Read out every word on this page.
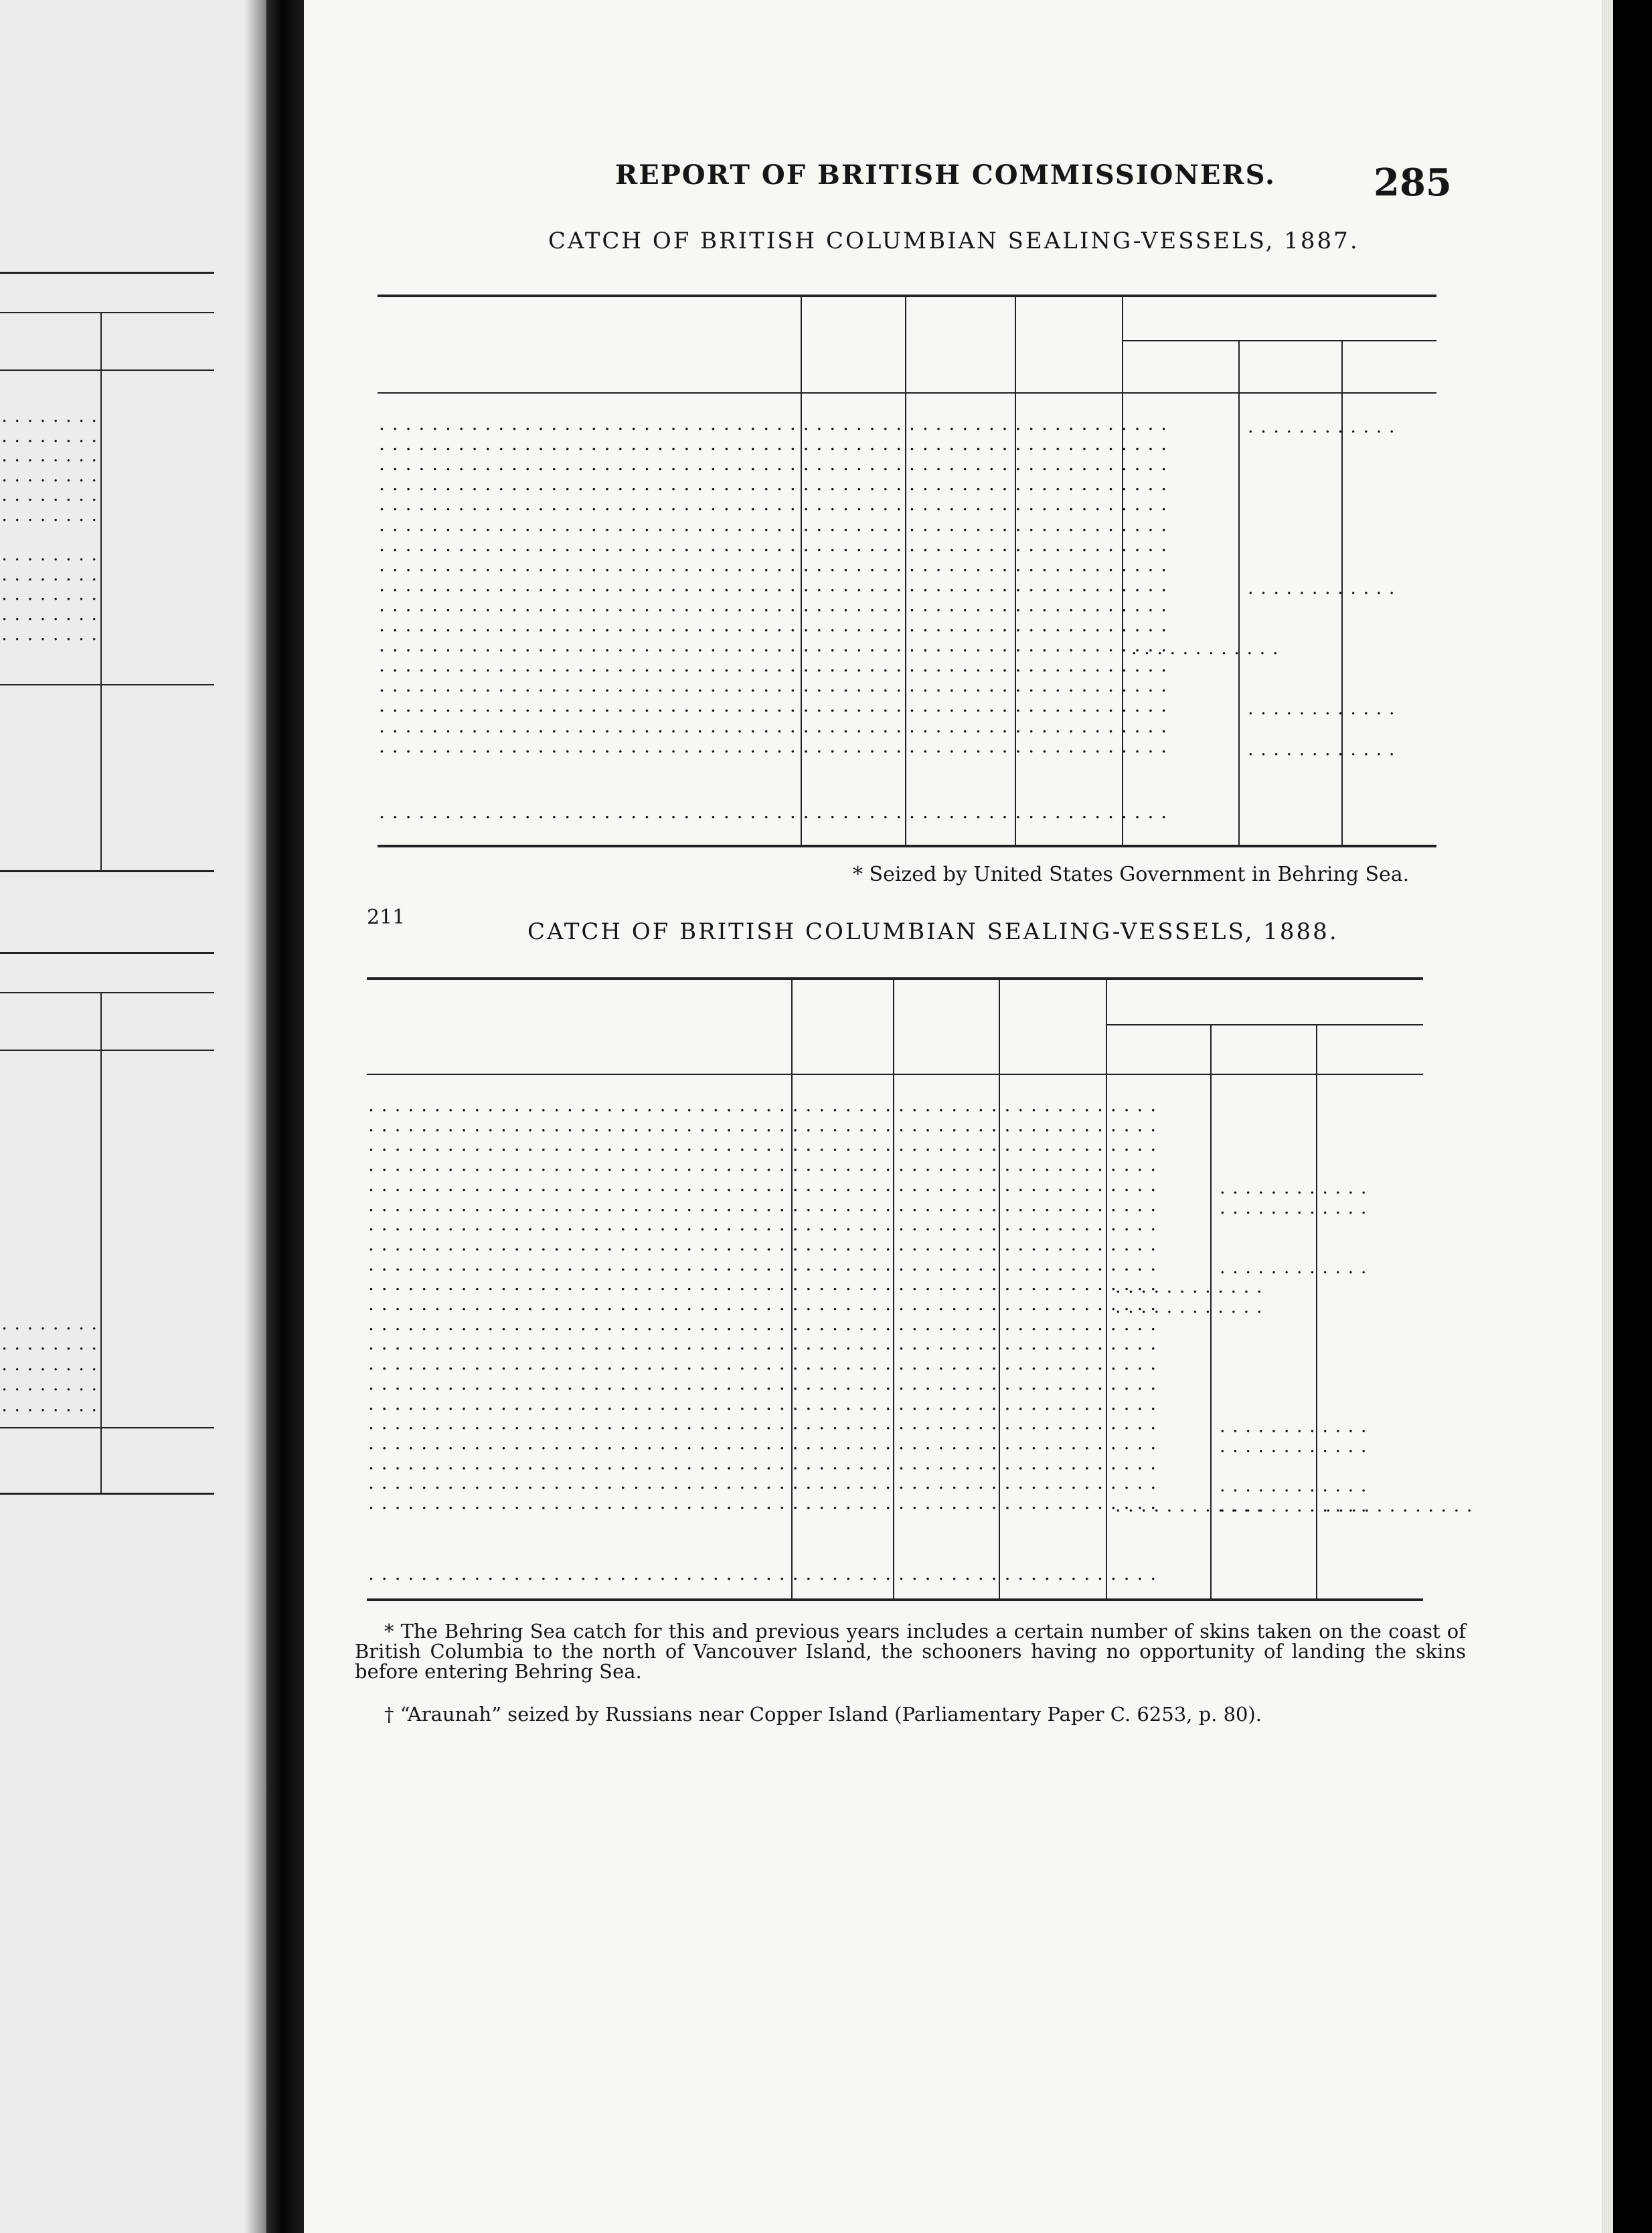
. . . . . . . .
. . . . . . . .
. . . . . . . .
. . . . . . . .
. . . . . . . .
. . . . . . . .
. . . . . . . .
. . . . . . . .
. . . . . . . .
. . . . . . . .
. . . . . . . .
. . . . . . . .
. . . . . . . .
. . . . . . . .
. . . . . . . .
. . . . . . . .
REPORT OF BRITISH COMMISSIONERS.	285
CATCH OF BRITISH COLUMBIAN SEALING-VESSELS, 1887.
. . .
. . . . . . . . . . . .
. . .
. . .
. . .
. . .
. . .
. . .
. . .
. . .
. . . . . . . . . . . .
. . .
. . .
. . .
. . . . . . . . . . . .
. . .
. . .
. . .
. . . . . . . . . . . .
. . .
. . .
. . . . . . . . . . . .
. . .
* Seized by United States Government in Behring Sea.
211
CATCH OF BRITISH COLUMBIAN SEALING-VESSELS, 1888.
. . .
. . .
. . .
. . .
. . .
. . . . . . . . . . . .
. . .
. . . . . . . . . . . .
. . .
. . .
. . .
. . . . . . . . . . . .
. . .
. . . . . . . . . . . .
. . .
. . . . . . . . . . . .
. . .
. . .
. . .
. . .
. . .
. . .
. . . . . . . . . . . .
. . .
. . . . . . . . . . . .
. . .
. . .
. . . . . . . . . . . .
. . .
. . . . . . . . . . . .
. . . . . . . . . . . .
. . . . . . . . . . . .
. . .
* The Behring Sea catch for this and previous years includes a certain number of skins taken on the coast of British Columbia to the north of Vancouver Island, the schooners having no opportunity of landing the skins before entering Behring Sea.
† “Araunah” seized by Russians near Copper Island (Parliamentary Paper C. 6253, p. 80).
